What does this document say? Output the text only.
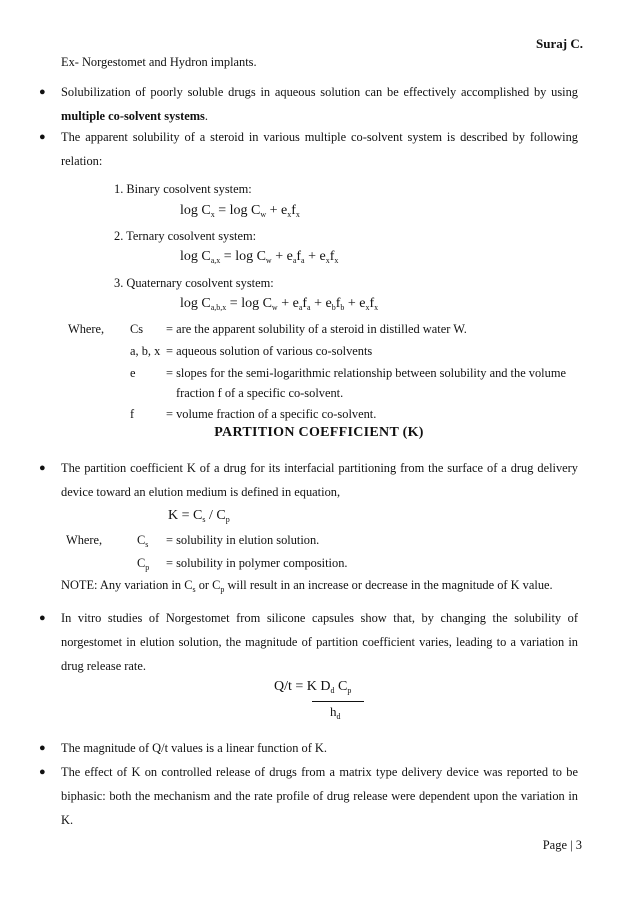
Suraj C.
Ex- Norgestomet and Hydron implants.
● Solubilization of poorly soluble drugs in aqueous solution can be effectively accomplished by using multiple co-solvent systems.
● The apparent solubility of a steroid in various multiple co-solvent system is described by following relation:
1. Binary cosolvent system:
$\log C_x = \log C_w + e_xf_x$
2. Ternary cosolvent system:
$\log C_{a,x} = \log C_w + e_af_a + e_xf_x$
3. Quaternary cosolvent system:
$\log C_{a,b,x} = \log C_w + e_af_a + e_bf_b + e_xf_x$
Where, Cs = are the apparent solubility of a steroid in distilled water W.
a, b, x = aqueous solution of various co-solvents
e = slopes for the semi-logarithmic relationship between solubility and the volume
fraction f of a specific co-solvent.
f	= volume fraction of a specific co-solvent.
PARTITION COEFFICIENT (K)
● The partition coefficient K of a drug for its interfacial partitioning from the surface of a drug delivery device toward an elution medium is defined in equation,
$K = C_s / C_p$
Where,	$C_s$ = solubility in elution solution.
$C_p$ = solubility in polymer composition.
NOTE: Any variation in $C_s$ or $C_p$ will result in an increase or decrease in the magnitude of K value.
● In vitro studies of Norgestomet from silicone capsules show that, by changing the solubility of norgestomet in elution solution, the magnitude of partition coefficient varies, leading to a variation in drug release rate.
Q/t = K $D_d$ $C_p$
$h_d$
● The magnitude of Q/t values is a linear function of K.
● The effect of K on controlled release of drugs from a matrix type delivery device was reported to be biphasic: both the mechanism and the rate profile of drug release were dependent upon the variation in K.
Page | 3
